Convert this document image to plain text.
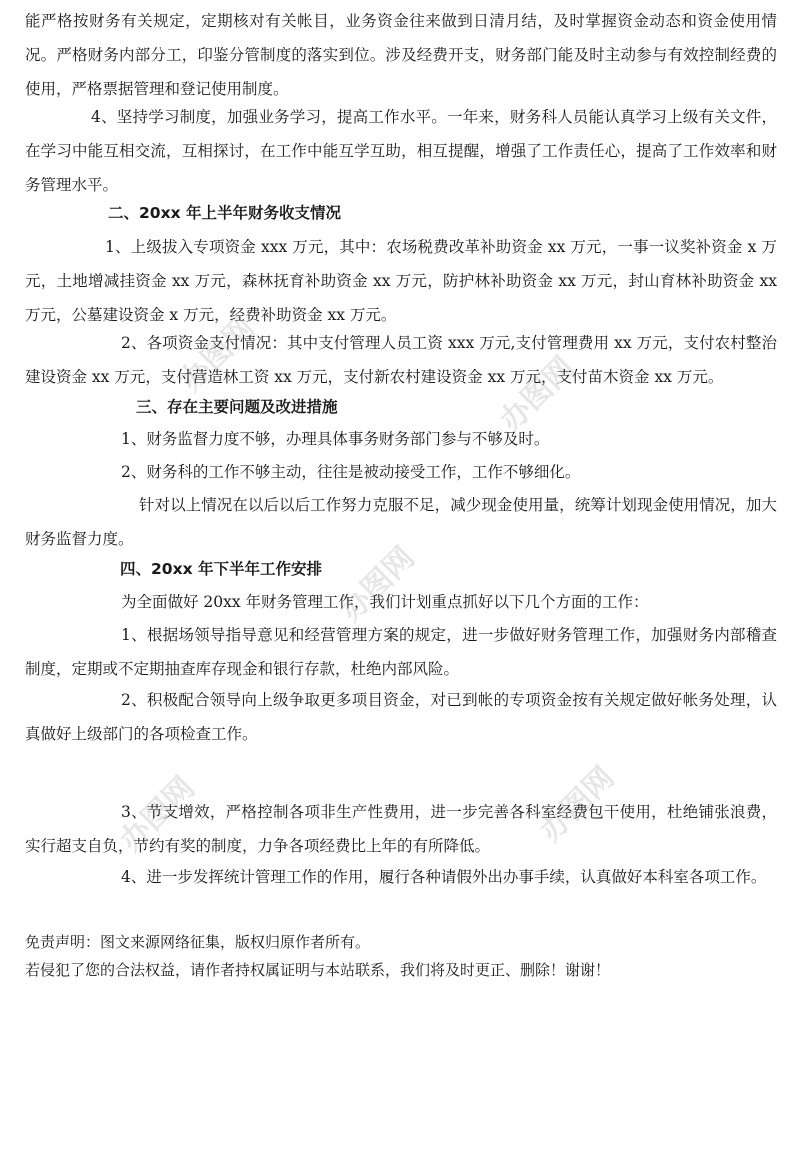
办图网	办图网
办图网
办图网	办图网

能严格按财务有关规定，定期核对有关帐目，业务资金往来做到日清月结，及时掌握资金动态和资金使用情况。严格财务内部分工，印鉴分管制度的落实到位。涉及经费开支，财务部门能及时主动参与有效控制经费的使用，严格票据管理和登记使用制度。

4、坚持学习制度，加强业务学习，提高工作水平。一年来，财务科人员能认真学习上级有关文件，在学习中能互相交流，互相探讨，在工作中能互学互助，相互提醒，增强了工作责任心，提高了工作效率和财务管理水平。

二、20xx 年上半年财务收支情况

1、上级拔入专项资金 xxx 万元，其中：农场税费改革补助资金 xx 万元，一事一议奖补资金 x 万元，土地增减挂资金 xx 万元，森林抚育补助资金 xx 万元，防护林补助资金 xx 万元，封山育林补助资金 xx 万元，公墓建设资金 x 万元，经费补助资金 xx 万元。

2、各项资金支付情况：其中支付管理人员工资 xxx 万元,支付管理费用 xx 万元，支付农村整治建设资金 xx 万元，支付营造林工资 xx 万元，支付新农村建设资金 xx 万元，支付苗木资金 xx 万元。

三、存在主要问题及改进措施

1、财务监督力度不够，办理具体事务财务部门参与不够及时。

2、财务科的工作不够主动，往往是被动接受工作，工作不够细化。

针对以上情况在以后以后工作努力克服不足，减少现金使用量，统筹计划现金使用情况，加大财务监督力度。

四、20xx 年下半年工作安排

为全面做好 20xx 年财务管理工作，我们计划重点抓好以下几个方面的工作：

1、根据场领导指导意见和经营管理方案的规定，进一步做好财务管理工作，加强财务内部稽查制度，定期或不定期抽查库存现金和银行存款，杜绝内部风险。

2、积极配合领导向上级争取更多项目资金，对已到帐的专项资金按有关规定做好帐务处理，认真做好上级部门的各项检查工作。

3、节支增效，严格控制各项非生产性费用，进一步完善各科室经费包干使用，杜绝铺张浪费，实行超支自负，节约有奖的制度，力争各项经费比上年的有所降低。

4、进一步发挥统计管理工作的作用，履行各种请假外出办事手续，认真做好本科室各项工作。

免责声明：图文来源网络征集，版权归原作者所有。

若侵犯了您的合法权益，请作者持权属证明与本站联系，我们将及时更正、删除！谢谢！
